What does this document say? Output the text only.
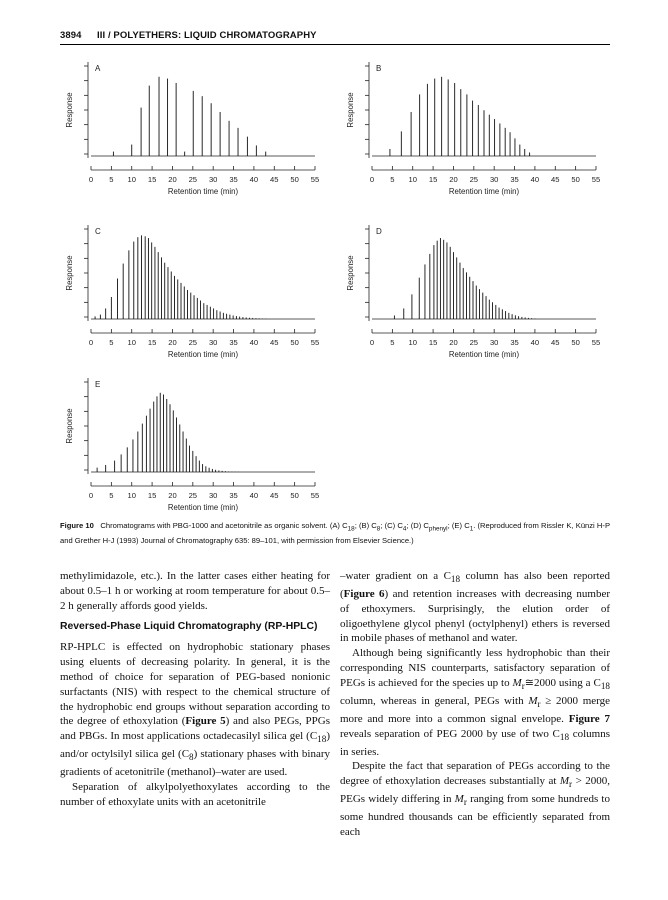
3894 III / POLYETHERS: LIQUID CHROMATOGRAPHY
0 5 10 15 20 25 30 35 40 45 50 55
A
Retention time (min)
Response
0 5 10 15 20 25 30 35 40 45 50 55
B
Retention time (min)
Response
0 5 10 15 20 25 30 35 40 45 50 55
C
Retention time (min)
Response
0 5 10 15 20 25 30 35 40 45 50 55
D
Retention time (min)
Response
0 5 10 15 20 25 30 35 40 45 50 55
E
Retention time (min)
Response
Figure 10 Chromatograms with PBG-1000 and acetonitrile as organic solvent. (A) $C_{18}$; (B) $C_8$; (C) $C_4$; (D) $C_{phenyl}$; (E) $C_1$. (Reproduced from Rissler K, Künzi H-P and Grether H-J (1993) Journal of Chromatography 635: 89–101, with permission from Elsevier Science.)

methylimidazole, etc.). In the latter cases either heating for about 0.5–1 h or working at room temperature for about 0.5–2 h generally affords good yields.

Reversed-Phase Liquid Chromatography (RP-HPLC)

RP-HPLC is effected on hydrophobic stationary phases using eluents of decreasing polarity. In general, it is the method of choice for separation of PEG-based nonionic surfactants (NIS) with respect to the chemical structure of the hydrophobic end groups without separation according to the degree of ethoxylation (Figure 5) and also PEGs, PPGs and PBGs. In most applications octadecasilyl silica gel $(C_{18})$ and/or octylsilyl silica gel $(C_8)$ stationary phases with binary gradients of acetonitrile (methanol)–water are used.

Separation of alkylpolyethoxylates according to the number of ethoxylate units with an acetonitrile

–water gradient on a $C_{18}$ column has also been reported (Figure 6) and retention increases with decreasing number of ethoxymers. Surprisingly, the elution order of oligoethylene glycol phenyl (octylphenyl) ethers is reversed in mobile phases of methanol and water.

Although being significantly less hydrophobic than their corresponding NIS counterparts, satisfactory separation of PEGs is achieved for the species up to $M_r≅2000$ using a $C_{18}$ column, whereas in general, PEGs with $M_r \ge 2000$ merge more and more into a common signal envelope. Figure 7 reveals separation of PEG 2000 by use of two $C_{18}$ columns in series.

Despite the fact that separation of PEGs according to the degree of ethoxylation decreases substantially at $M_r > 2000$, PEGs widely differing in $M_r$ ranging from some hundreds to some hundred thousands can be efficiently separated from each
